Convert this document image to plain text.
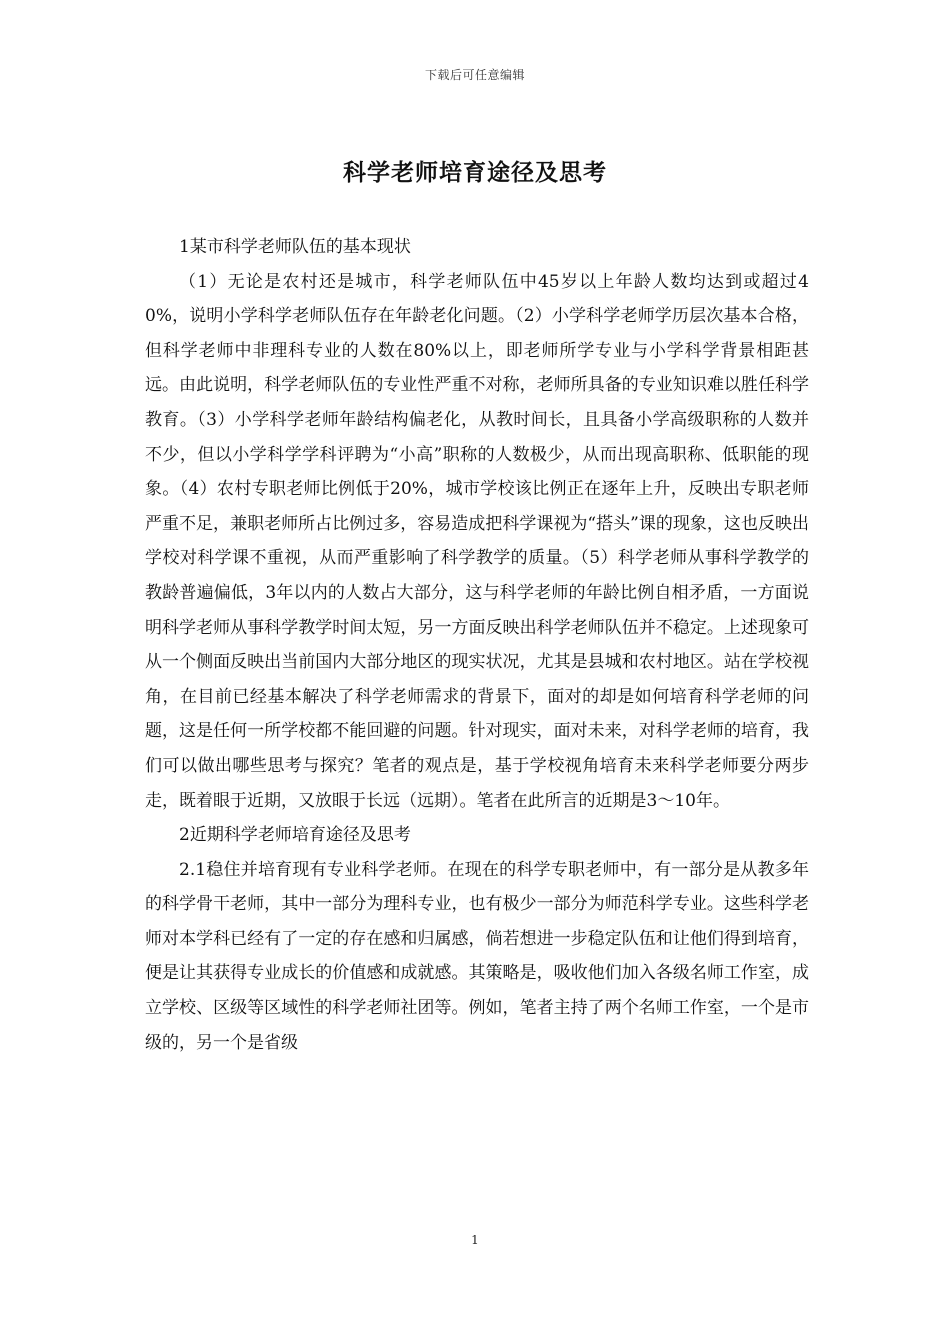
下载后可任意编辑
科学老师培育途径及思考

1某市科学老师队伍的基本现状

（1）无论是农村还是城市，科学老师队伍中45岁以上年龄人数均达到或超过40%，说明小学科学老师队伍存在年龄老化问题。（2）小学科学老师学历层次基本合格，但科学老师中非理科专业的人数在80%以上，即老师所学专业与小学科学背景相距甚远。由此说明，科学老师队伍的专业性严重不对称，老师所具备的专业知识难以胜任科学教育。（3）小学科学老师年龄结构偏老化，从教时间长，且具备小学高级职称的人数并不少，但以小学科学学科评聘为“小高”职称的人数极少，从而出现高职称、低职能的现象。（4）农村专职老师比例低于20%，城市学校该比例正在逐年上升，反映出专职老师严重不足，兼职老师所占比例过多，容易造成把科学课视为“搭头”课的现象，这也反映出学校对科学课不重视，从而严重影响了科学教学的质量。（5）科学老师从事科学教学的教龄普遍偏低，3年以内的人数占大部分，这与科学老师的年龄比例自相矛盾，一方面说明科学老师从事科学教学时间太短，另一方面反映出科学老师队伍并不稳定。上述现象可从一个侧面反映出当前国内大部分地区的现实状况，尤其是县城和农村地区。站在学校视角，在目前已经基本解决了科学老师需求的背景下，面对的却是如何培育科学老师的问题，这是任何一所学校都不能回避的问题。针对现实，面对未来，对科学老师的培育，我们可以做出哪些思考与探究？笔者的观点是，基于学校视角培育未来科学老师要分两步走，既着眼于近期，又放眼于长远（远期）。笔者在此所言的近期是3～10年。

2近期科学老师培育途径及思考

2.1稳住并培育现有专业科学老师。在现在的科学专职老师中，有一部分是从教多年的科学骨干老师，其中一部分为理科专业，也有极少一部分为师范科学专业。这些科学老师对本学科已经有了一定的存在感和归属感，倘若想进一步稳定队伍和让他们得到培育，便是让其获得专业成长的价值感和成就感。其策略是，吸收他们加入各级名师工作室，成立学校、区级等区域性的科学老师社团等。例如，笔者主持了两个名师工作室，一个是市级的，另一个是省级

1
